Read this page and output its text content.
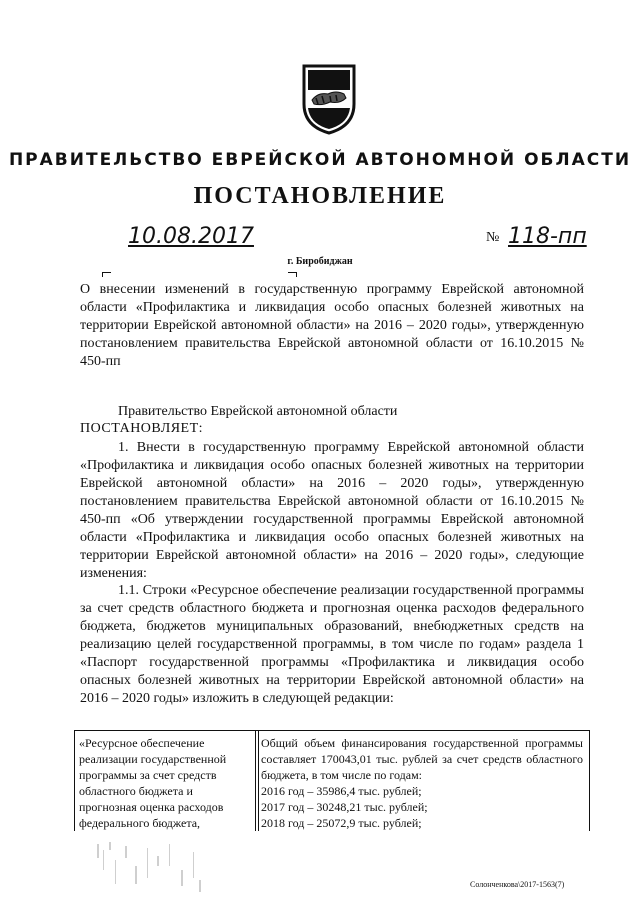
ПРАВИТЕЛЬСТВО ЕВРЕЙСКОЙ АВТОНОМНОЙ ОБЛАСТИ
ПОСТАНОВЛЕНИЕ
10.08.2017	№ 118-пп
г. Биробиджан
О внесении изменений в государственную программу Еврейской автономной области «Профилактика и ликвидация особо опасных болезней животных на территории Еврейской автономной области» на 2016 – 2020 годы», утвержденную постановлением правительства Еврейской автономной области от 16.10.2015 № 450-пп
Правительство Еврейской автономной области
ПОСТАНОВЛЯЕТ:
1. Внести в государственную программу Еврейской автономной области «Профилактика и ликвидация особо опасных болезней животных на территории Еврейской автономной области» на 2016 – 2020 годы», утвержденную постановлением правительства Еврейской автономной области от 16.10.2015 № 450-пп «Об утверждении государственной программы Еврейской автономной области «Профилактика и ликвидация особо опасных болезней животных на территории Еврейской автономной области» на 2016 – 2020 годы», следующие изменения:
1.1. Строки «Ресурсное обеспечение реализации государственной программы за счет средств областного бюджета и прогнозная оценка расходов федерального бюджета, бюджетов муниципальных образований, внебюджетных средств на реализацию целей государственной программы, в том числе по годам» раздела 1 «Паспорт государственной программы «Профилактика и ликвидация особо опасных болезней животных на территории Еврейской автономной области» на 2016 – 2020 годы» изложить в следующей редакции:
«Ресурсное обеспечение реализации государственной программы за счет средств областного бюджета и прогнозная оценка расходов федерального бюджета,
Общий объем финансирования государственной программы составляет 170043,01 тыс. рублей за счет средств областного бюджета, в том числе по годам:
2016 год – 35986,4 тыс. рублей;
2017 год – 30248,21 тыс. рублей;
2018 год – 25072,9 тыс. рублей;
Солонченкова\2017-1563(7)
